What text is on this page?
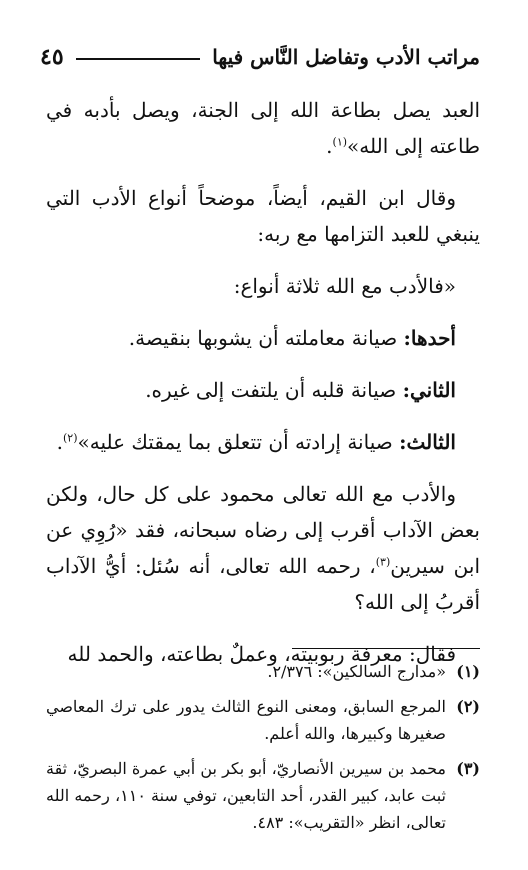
مراتب الأدب وتفاضل النَّاس فيها
٤٥

العبد يصل بطاعة الله إلى الجنة، ويصل بأدبه في طاعته إلى الله»$^{(١)}$.

وقال ابن القيم، أيضاً، موضحاً أنواع الأدب التي ينبغي للعبد التزامها مع ربه:

«فالأدب مع الله ثلاثة أنواع:

أحدها: صيانة معاملته أن يشوبها بنقيصة.

الثاني: صيانة قلبه أن يلتفت إلى غيره.

الثالث: صيانة إرادته أن تتعلق بما يمقتك عليه»$^{(٢)}$.

والأدب مع الله تعالى محمود على كل حال، ولكن بعض الآداب أقرب إلى رضاه سبحانه، فقد «رُوِي عن ابن سيرين$^{(٣)}$، رحمه الله تعالى، أنه سُئل: أيُّ الآداب أقربُ إلى الله؟

فقال: معرفة ربوبيته، وعملٌ بطاعته، والحمد لله

(١)
«مدارج السالكين»: ٢/٣٧٦.
(٢)
المرجع السابق، ومعنى النوع الثالث يدور على ترك المعاصي صغيرها وكبيرها، والله أعلم.
(٣)
محمد بن سيرين الأنصاريّ، أبو بكر بن أبي عمرة البصريّ، ثقة ثبت عابد، كبير القدر، أحد التابعين، توفي سنة ١١٠، رحمه الله تعالى، انظر «التقريب»: ٤٨٣.
